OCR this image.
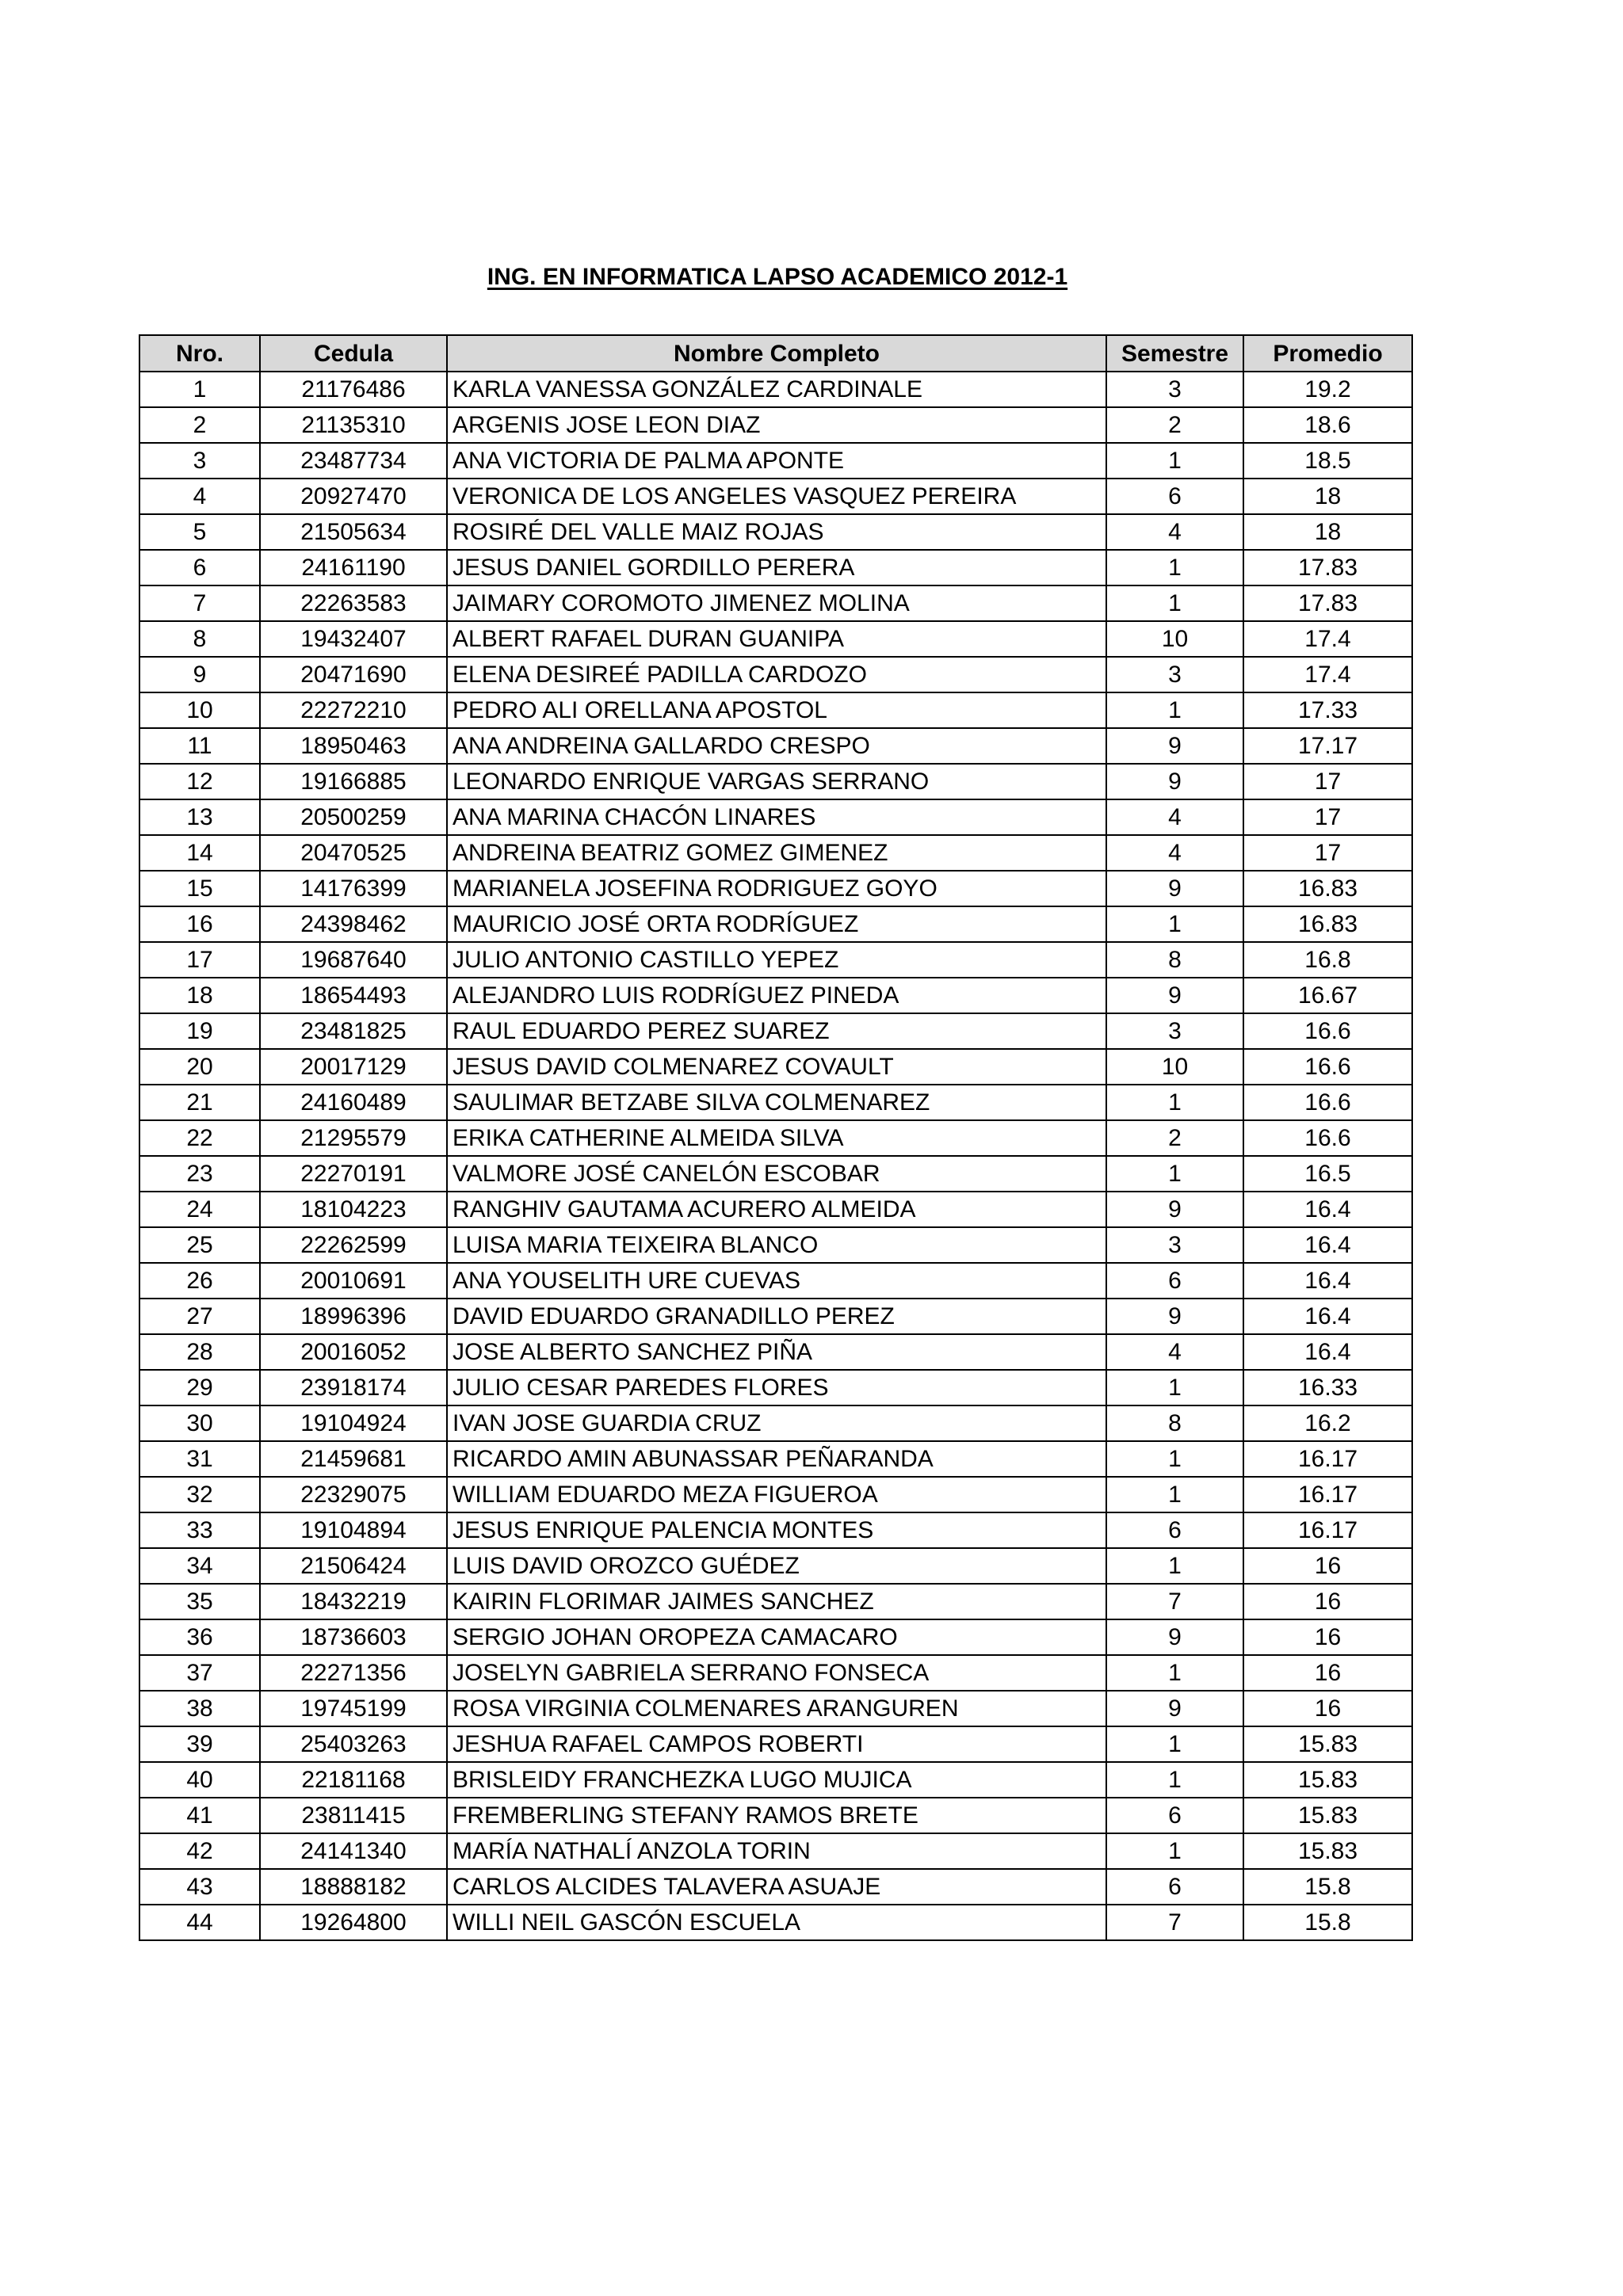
ING. EN INFORMATICA LAPSO ACADEMICO 2012-1
Nro.	Cedula	Nombre Completo	Semestre	Promedio
1	21176486	KARLA VANESSA GONZÁLEZ CARDINALE	3	19.2
2	21135310	ARGENIS JOSE LEON DIAZ	2	18.6
3	23487734	ANA VICTORIA DE PALMA APONTE	1	18.5
4	20927470	VERONICA DE LOS ANGELES VASQUEZ PEREIRA	6	18
5	21505634	ROSIRÉ DEL VALLE MAIZ ROJAS	4	18
6	24161190	JESUS DANIEL GORDILLO PERERA	1	17.83
7	22263583	JAIMARY COROMOTO JIMENEZ MOLINA	1	17.83
8	19432407	ALBERT RAFAEL DURAN GUANIPA	10	17.4
9	20471690	ELENA DESIREÉ PADILLA CARDOZO	3	17.4
10	22272210	PEDRO ALI ORELLANA APOSTOL	1	17.33
11	18950463	ANA ANDREINA GALLARDO CRESPO	9	17.17
12	19166885	LEONARDO ENRIQUE VARGAS SERRANO	9	17
13	20500259	ANA MARINA CHACÓN LINARES	4	17
14	20470525	ANDREINA BEATRIZ GOMEZ GIMENEZ	4	17
15	14176399	MARIANELA JOSEFINA RODRIGUEZ GOYO	9	16.83
16	24398462	MAURICIO JOSÉ ORTA RODRÍGUEZ	1	16.83
17	19687640	JULIO ANTONIO CASTILLO YEPEZ	8	16.8
18	18654493	ALEJANDRO LUIS RODRÍGUEZ PINEDA	9	16.67
19	23481825	RAUL EDUARDO PEREZ SUAREZ	3	16.6
20	20017129	JESUS DAVID COLMENAREZ COVAULT	10	16.6
21	24160489	SAULIMAR BETZABE SILVA COLMENAREZ	1	16.6
22	21295579	ERIKA CATHERINE ALMEIDA SILVA	2	16.6
23	22270191	VALMORE JOSÉ CANELÓN ESCOBAR	1	16.5
24	18104223	RANGHIV GAUTAMA ACURERO ALMEIDA	9	16.4
25	22262599	LUISA MARIA TEIXEIRA BLANCO	3	16.4
26	20010691	ANA YOUSELITH URE CUEVAS	6	16.4
27	18996396	DAVID EDUARDO GRANADILLO PEREZ	9	16.4
28	20016052	JOSE ALBERTO SANCHEZ PIÑA	4	16.4
29	23918174	JULIO CESAR PAREDES FLORES	1	16.33
30	19104924	IVAN JOSE GUARDIA CRUZ	8	16.2
31	21459681	RICARDO AMIN ABUNASSAR PEÑARANDA	1	16.17
32	22329075	WILLIAM EDUARDO MEZA FIGUEROA	1	16.17
33	19104894	JESUS ENRIQUE PALENCIA MONTES	6	16.17
34	21506424	LUIS DAVID OROZCO GUÉDEZ	1	16
35	18432219	KAIRIN FLORIMAR JAIMES SANCHEZ	7	16
36	18736603	SERGIO JOHAN OROPEZA CAMACARO	9	16
37	22271356	JOSELYN GABRIELA SERRANO FONSECA	1	16
38	19745199	ROSA VIRGINIA COLMENARES ARANGUREN	9	16
39	25403263	JESHUA RAFAEL CAMPOS ROBERTI	1	15.83
40	22181168	BRISLEIDY FRANCHEZKA LUGO MUJICA	1	15.83
41	23811415	FREMBERLING STEFANY RAMOS BRETE	6	15.83
42	24141340	MARÍA NATHALÍ ANZOLA TORIN	1	15.83
43	18888182	CARLOS ALCIDES TALAVERA ASUAJE	6	15.8
44	19264800	WILLI NEIL GASCÓN ESCUELA	7	15.8
